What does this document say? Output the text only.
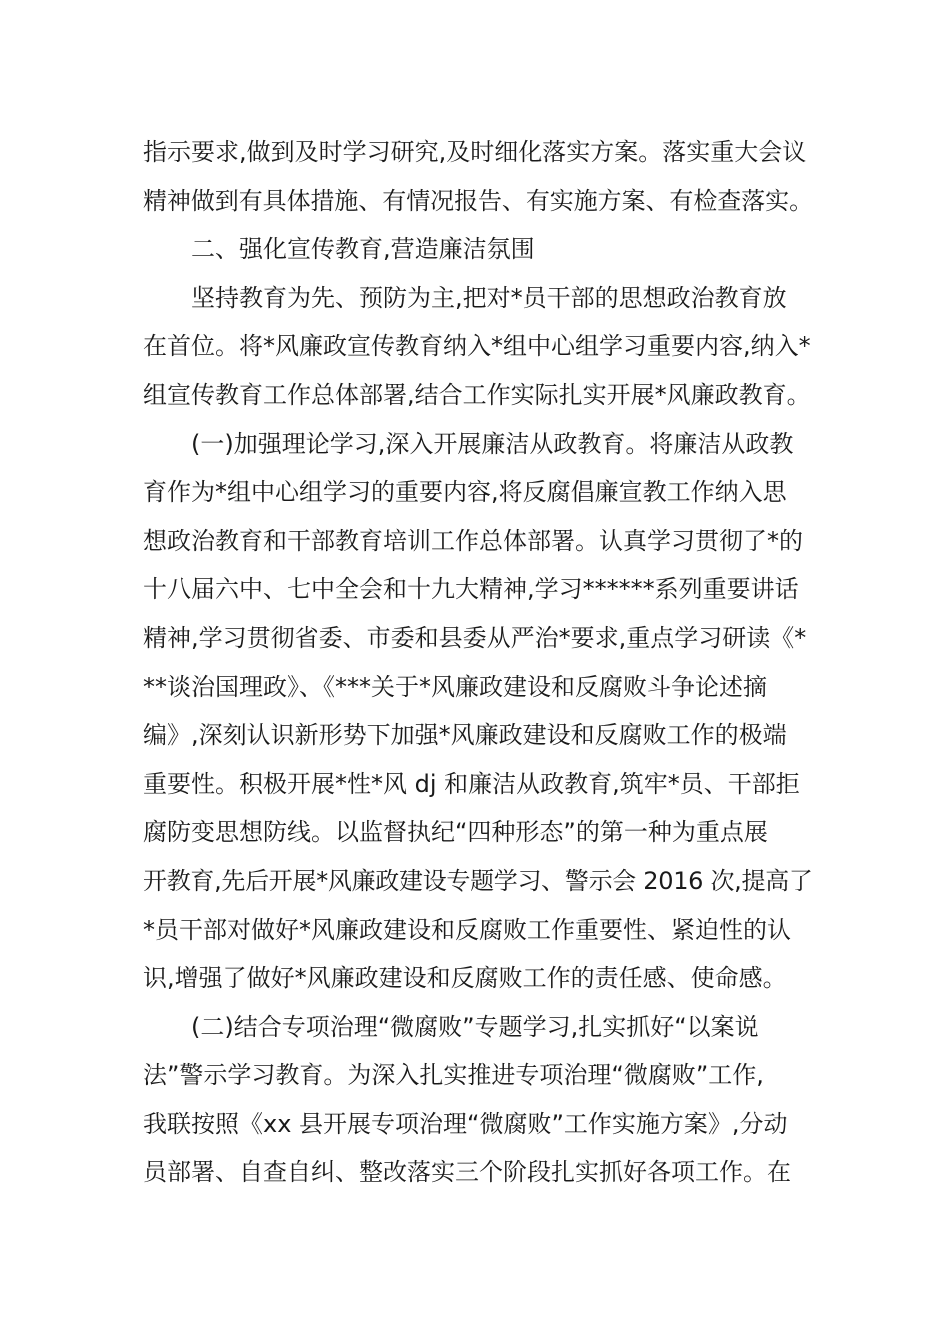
指示要求,做到及时学习研究,及时细化落实方案。落实重大会议
精神做到有具体措施、有情况报告、有实施方案、有检查落实。
二、强化宣传教育,营造廉洁氛围
坚持教育为先、预防为主,把对*员干部的思想政治教育放
在首位。将*风廉政宣传教育纳入*组中心组学习重要内容,纳入*
组宣传教育工作总体部署,结合工作实际扎实开展*风廉政教育。
(一)加强理论学习,深入开展廉洁从政教育。将廉洁从政教
育作为*组中心组学习的重要内容,将反腐倡廉宣教工作纳入思
想政治教育和干部教育培训工作总体部署。认真学习贯彻了*的
十八届六中、七中全会和十九大精神,学习******系列重要讲话
精神,学习贯彻省委、市委和县委从严治*要求,重点学习研读《*
**谈治国理政》、《***关于*风廉政建设和反腐败斗争论述摘
编》,深刻认识新形势下加强*风廉政建设和反腐败工作的极端
重要性。积极开展*性*风 dj 和廉洁从政教育,筑牢*员、干部拒
腐防变思想防线。以监督执纪“四种形态”的第一种为重点展
开教育,先后开展*风廉政建设专题学习、警示会 2016 次,提高了
*员干部对做好*风廉政建设和反腐败工作重要性、紧迫性的认
识,增强了做好*风廉政建设和反腐败工作的责任感、使命感。
(二)结合专项治理“微腐败”专题学习,扎实抓好“以案说
法”警示学习教育。为深入扎实推进专项治理“微腐败”工作,
我联按照《xx 县开展专项治理“微腐败”工作实施方案》,分动
员部署、自查自纠、整改落实三个阶段扎实抓好各项工作。在
